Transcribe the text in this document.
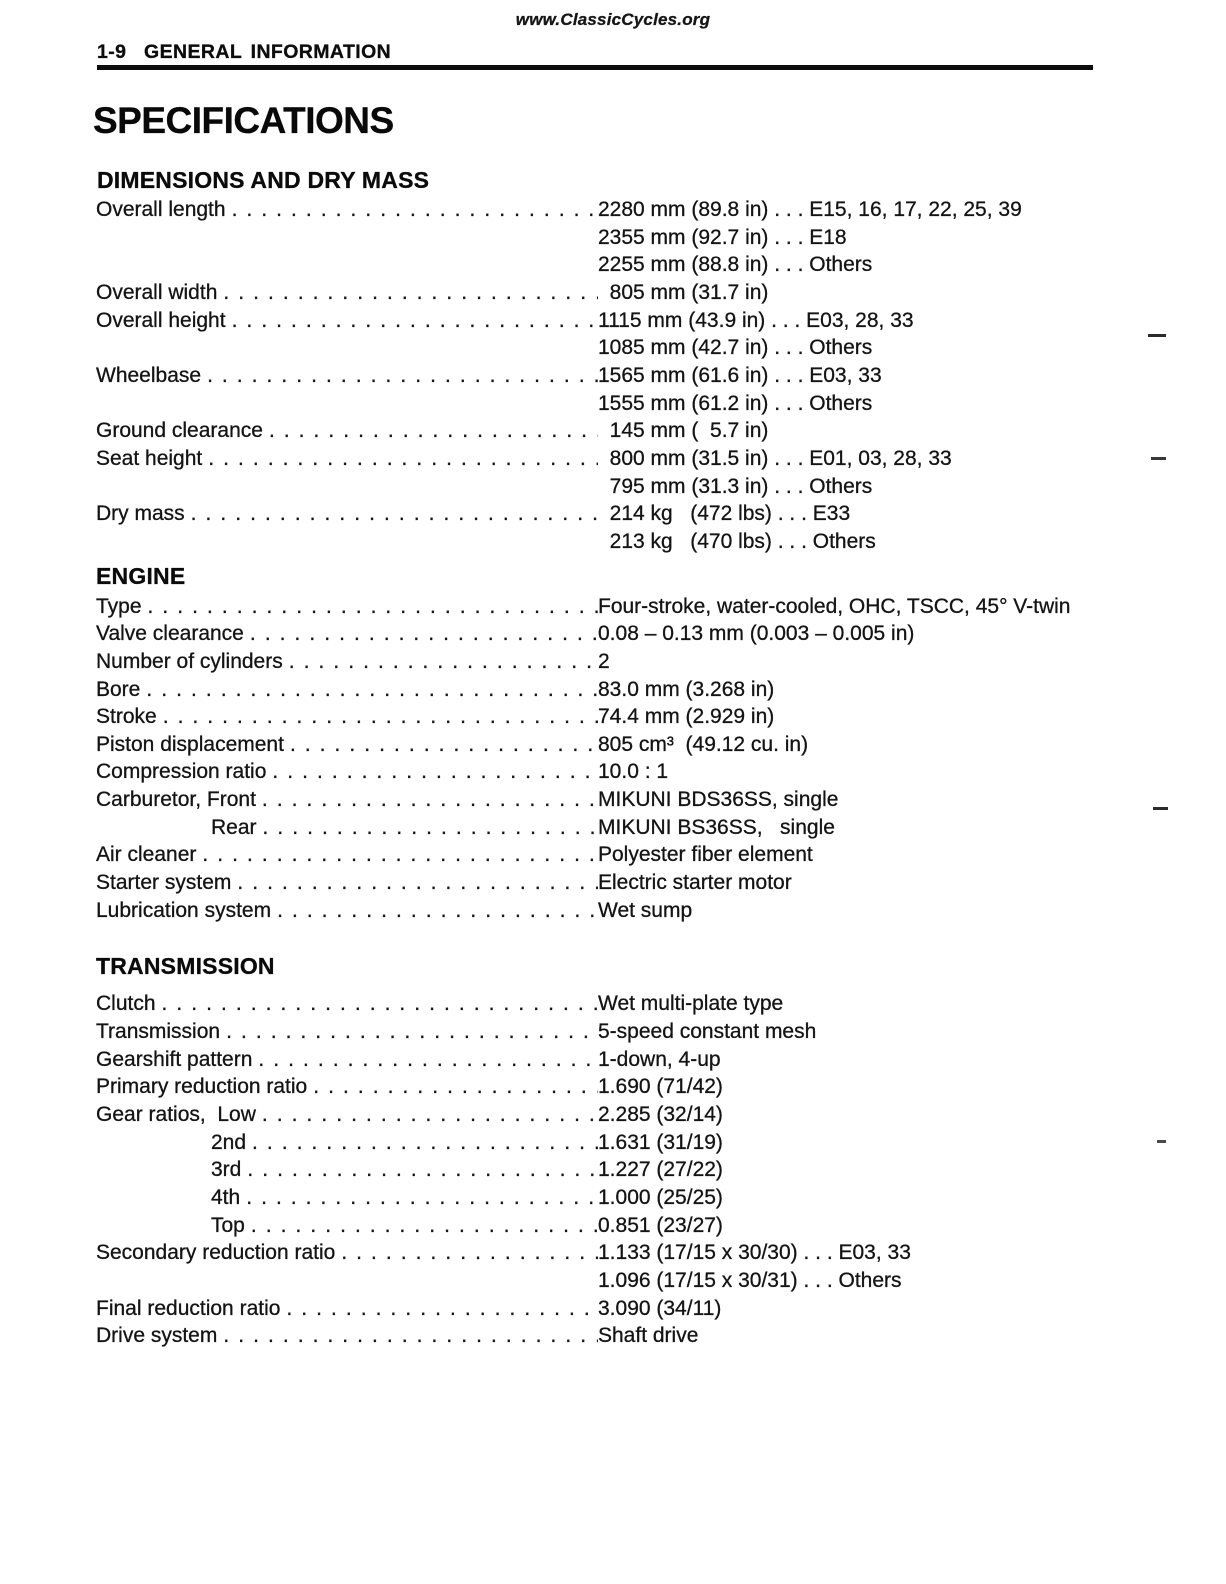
www.ClassicCycles.org
1-9  GENERAL INFORMATION
SPECIFICATIONS
DIMENSIONS AND DRY MASS
Overall length . . .	2280 mm (89.8 in) . . . E15, 16, 17, 22, 25, 39
2355 mm (92.7 in) . . . E18
2255 mm (88.8 in) . . . Others
Overall width . . .	805 mm (31.7 in)
Overall height . . .	1115 mm (43.9 in) . . . E03, 28, 33
1085 mm (42.7 in) . . . Others
Wheelbase . . .	1565 mm (61.6 in) . . . E03, 33
1555 mm (61.2 in) . . . Others
Ground clearance . . .	145 mm (  5.7 in)
Seat height . . .	800 mm (31.5 in) . . . E01, 03, 28, 33
795 mm (31.3 in) . . . Others
Dry mass . . .	214 kg   (472 lbs) . . . E33
213 kg   (470 lbs) . . . Others
ENGINE
Type . . .	Four-stroke, water-cooled, OHC, TSCC, 45° V-twin
Valve clearance . . .	0.08 – 0.13 mm (0.003 – 0.005 in)
Number of cylinders . . .	2
Bore . . .	83.0 mm (3.268 in)
Stroke . . .	74.4 mm (2.929 in)
Piston displacement . . .	805 cm³  (49.12 cu. in)
Compression ratio . . .	10.0 : 1
Carburetor, Front . . .	MIKUNI BDS36SS, single
Rear . . .	MIKUNI BS36SS,   single
Air cleaner . . .	Polyester fiber element
Starter system . . .	Electric starter motor
Lubrication system . . .	Wet sump
TRANSMISSION
Clutch . . .	Wet multi-plate type
Transmission . . .	5-speed constant mesh
Gearshift pattern . . .	1-down, 4-up
Primary reduction ratio . . .	1.690 (71/42)
Gear ratios,  Low . . .	2.285 (32/14)
2nd . . .	1.631 (31/19)
3rd . . .	1.227 (27/22)
4th . . .	1.000 (25/25)
Top . . .	0.851 (23/27)
Secondary reduction ratio . . .	1.133 (17/15 x 30/30) . . . E03, 33
1.096 (17/15 x 30/31) . . . Others
Final reduction ratio . . .	3.090 (34/11)
Drive system . . .	Shaft drive
